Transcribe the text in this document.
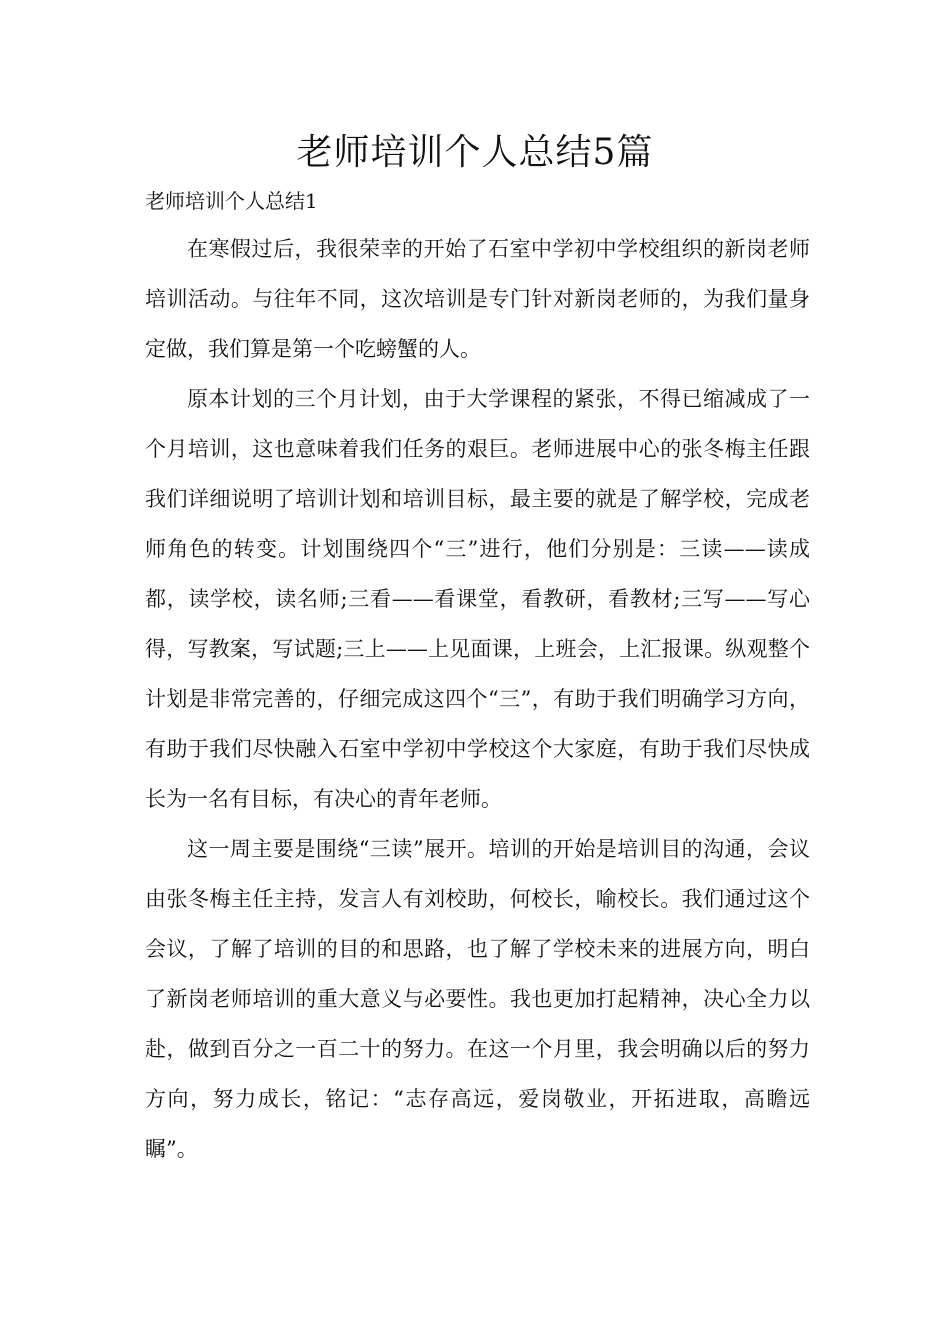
老师培训个人总结5篇
老师培训个人总结1

在寒假过后，我很荣幸的开始了石室中学初中学校组织的新岗老师培训活动。与往年不同，这次培训是专门针对新岗老师的，为我们量身定做，我们算是第一个吃螃蟹的人。

原本计划的三个月计划，由于大学课程的紧张，不得已缩减成了一个月培训，这也意味着我们任务的艰巨。老师进展中心的张冬梅主任跟我们详细说明了培训计划和培训目标，最主要的就是了解学校，完成老师角色的转变。计划围绕四个“三”进行，他们分别是：三读——读成都，读学校，读名师;三看——看课堂，看教研，看教材;三写——写心得，写教案，写试题;三上——上见面课，上班会，上汇报课。纵观整个计划是非常完善的，仔细完成这四个“三”，有助于我们明确学习方向，有助于我们尽快融入石室中学初中学校这个大家庭，有助于我们尽快成长为一名有目标，有决心的青年老师。

这一周主要是围绕“三读”展开。培训的开始是培训目的沟通，会议由张冬梅主任主持，发言人有刘校助，何校长，喻校长。我们通过这个会议，了解了培训的目的和思路，也了解了学校未来的进展方向，明白了新岗老师培训的重大意义与必要性。我也更加打起精神，决心全力以赴，做到百分之一百二十的努力。在这一个月里，我会明确以后的努力方向，努力成长，铭记：“志存高远，爱岗敬业，开拓进取，高瞻远瞩”。
